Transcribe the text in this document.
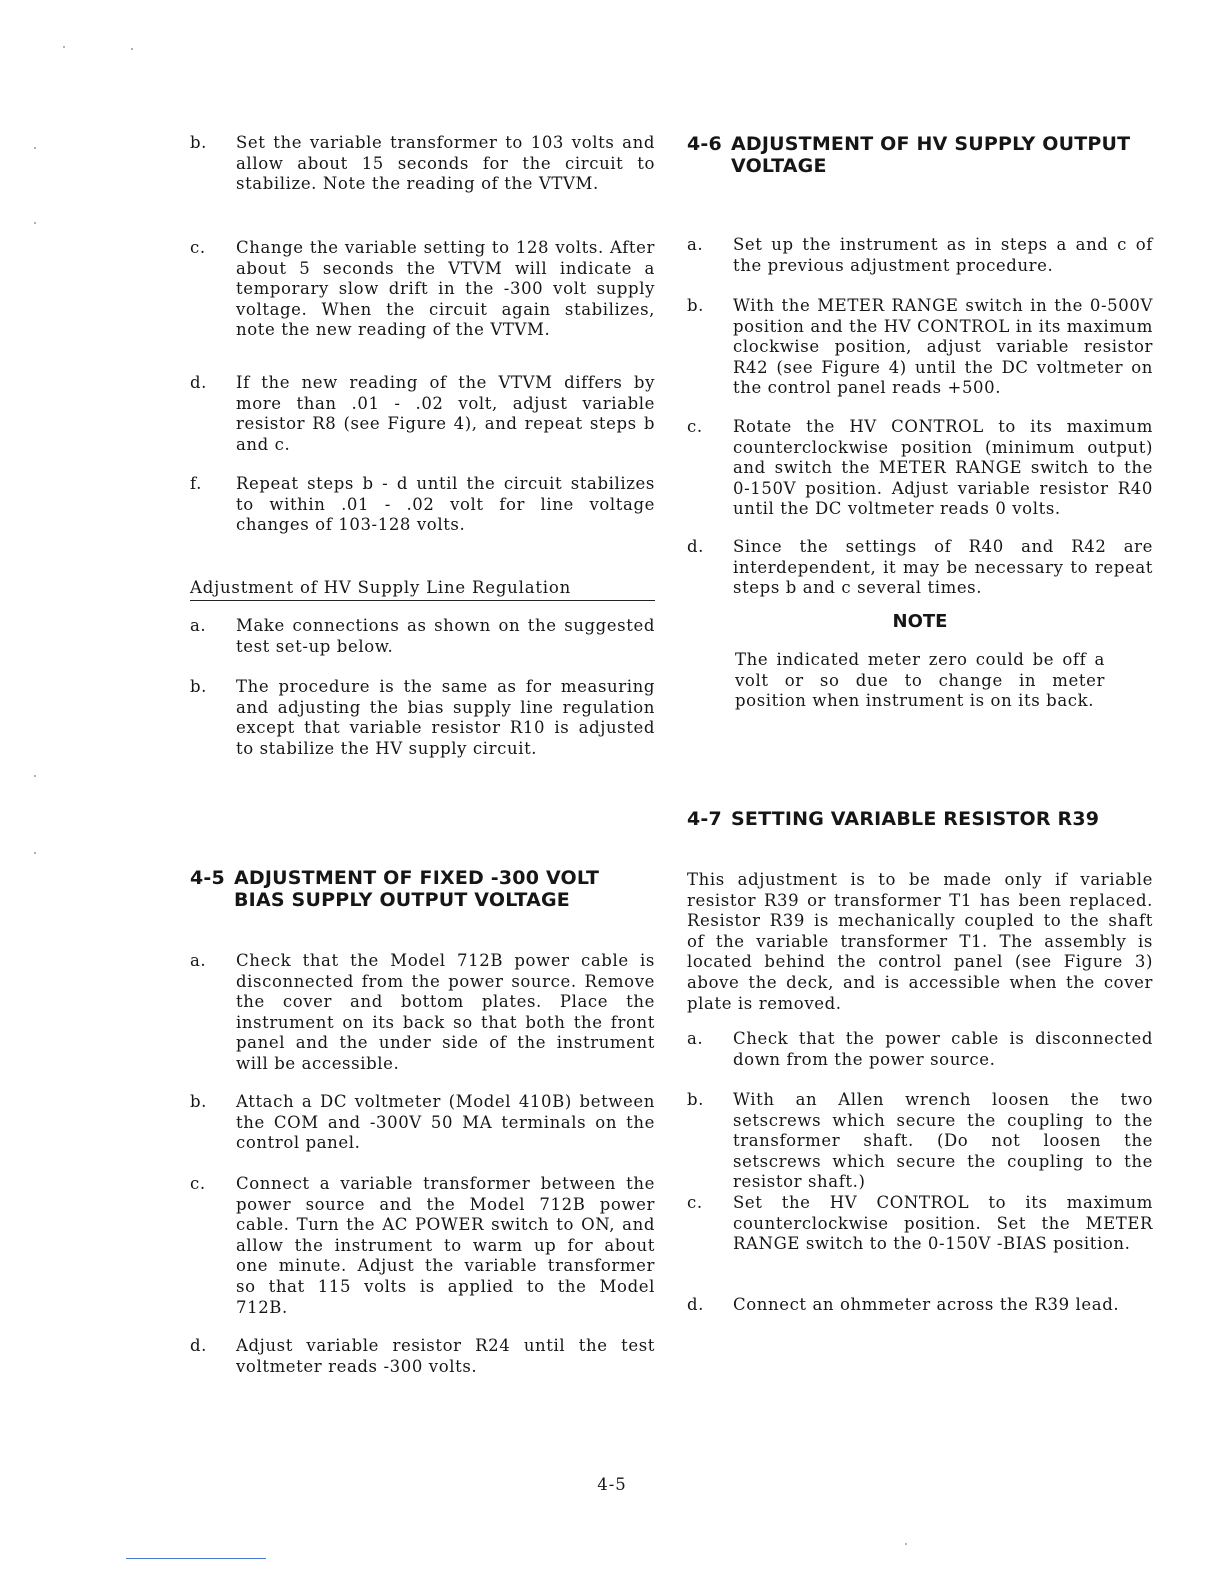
b.	Set the variable transformer to 103 volts and allow about 15 seconds for the circuit to stabilize. Note the reading of the VTVM.
c.	Change the variable setting to 128 volts. After about 5 seconds the VTVM will indicate a temporary slow drift in the -300 volt supply voltage. When the circuit again stabilizes, note the new reading of the VTVM.
d.	If the new reading of the VTVM differs by more than .01 - .02 volt, adjust variable resistor R8 (see Figure 4), and repeat steps b and c.
f.	Repeat steps b - d until the circuit stabilizes to within .01 - .02 volt for line voltage changes of 103-128 volts.

Adjustment of HV Supply Line Regulation

a.	Make connections as shown on the suggested test set-up below.
b.	The procedure is the same as for measuring and adjusting the bias supply line regulation except that variable resistor R10 is adjusted to stabilize the HV supply circuit.

4-5 ADJUSTMENT OF FIXED -300 VOLT
BIAS SUPPLY OUTPUT VOLTAGE

a.	Check that the Model 712B power cable is disconnected from the power source. Remove the cover and bottom plates. Place the instrument on its back so that both the front panel and the under side of the instrument will be accessible.
b.	Attach a DC voltmeter (Model 410B) between the COM and -300V 50 MA terminals on the control panel.
c.	Connect a variable transformer between the power source and the Model 712B power cable. Turn the AC POWER switch to ON, and allow the instrument to warm up for about one minute. Adjust the variable transformer so that 115 volts is applied to the Model 712B.
d.	Adjust variable resistor R24 until the test voltmeter reads -300 volts.

4-6 ADJUSTMENT OF HV SUPPLY OUTPUT
VOLTAGE

a.	Set up the instrument as in steps a and c of the previous adjustment procedure.
b.	With the METER RANGE switch in the 0-500V position and the HV CONTROL in its maximum clockwise position, adjust variable resistor R42 (see Figure 4) until the DC voltmeter on the control panel reads +500.
c.	Rotate the HV CONTROL to its maximum counterclockwise position (minimum output) and switch the METER RANGE switch to the 0-150V position. Adjust variable resistor R40 until the DC voltmeter reads 0 volts.
d.	Since the settings of R40 and R42 are interdependent, it may be necessary to repeat steps b and c several times.

NOTE

The indicated meter zero could be off a volt or so due to change in meter position when instrument is on its back.

4-7 SETTING VARIABLE RESISTOR R39

This adjustment is to be made only if variable resistor R39 or transformer T1 has been replaced. Resistor R39 is mechanically coupled to the shaft of the variable transformer T1. The assembly is located behind the control panel (see Figure 3) above the deck, and is accessible when the cover plate is removed.

a.	Check that the power cable is disconnected down from the power source.
b.	With an Allen wrench loosen the two setscrews which secure the coupling to the transformer shaft. (Do not loosen the setscrews which secure the coupling to the resistor shaft.)
c.	Set the HV CONTROL to its maximum counterclockwise position. Set the METER RANGE switch to the 0-150V -BIAS position.
d.	Connect an ohmmeter across the R39 lead.
4-5
